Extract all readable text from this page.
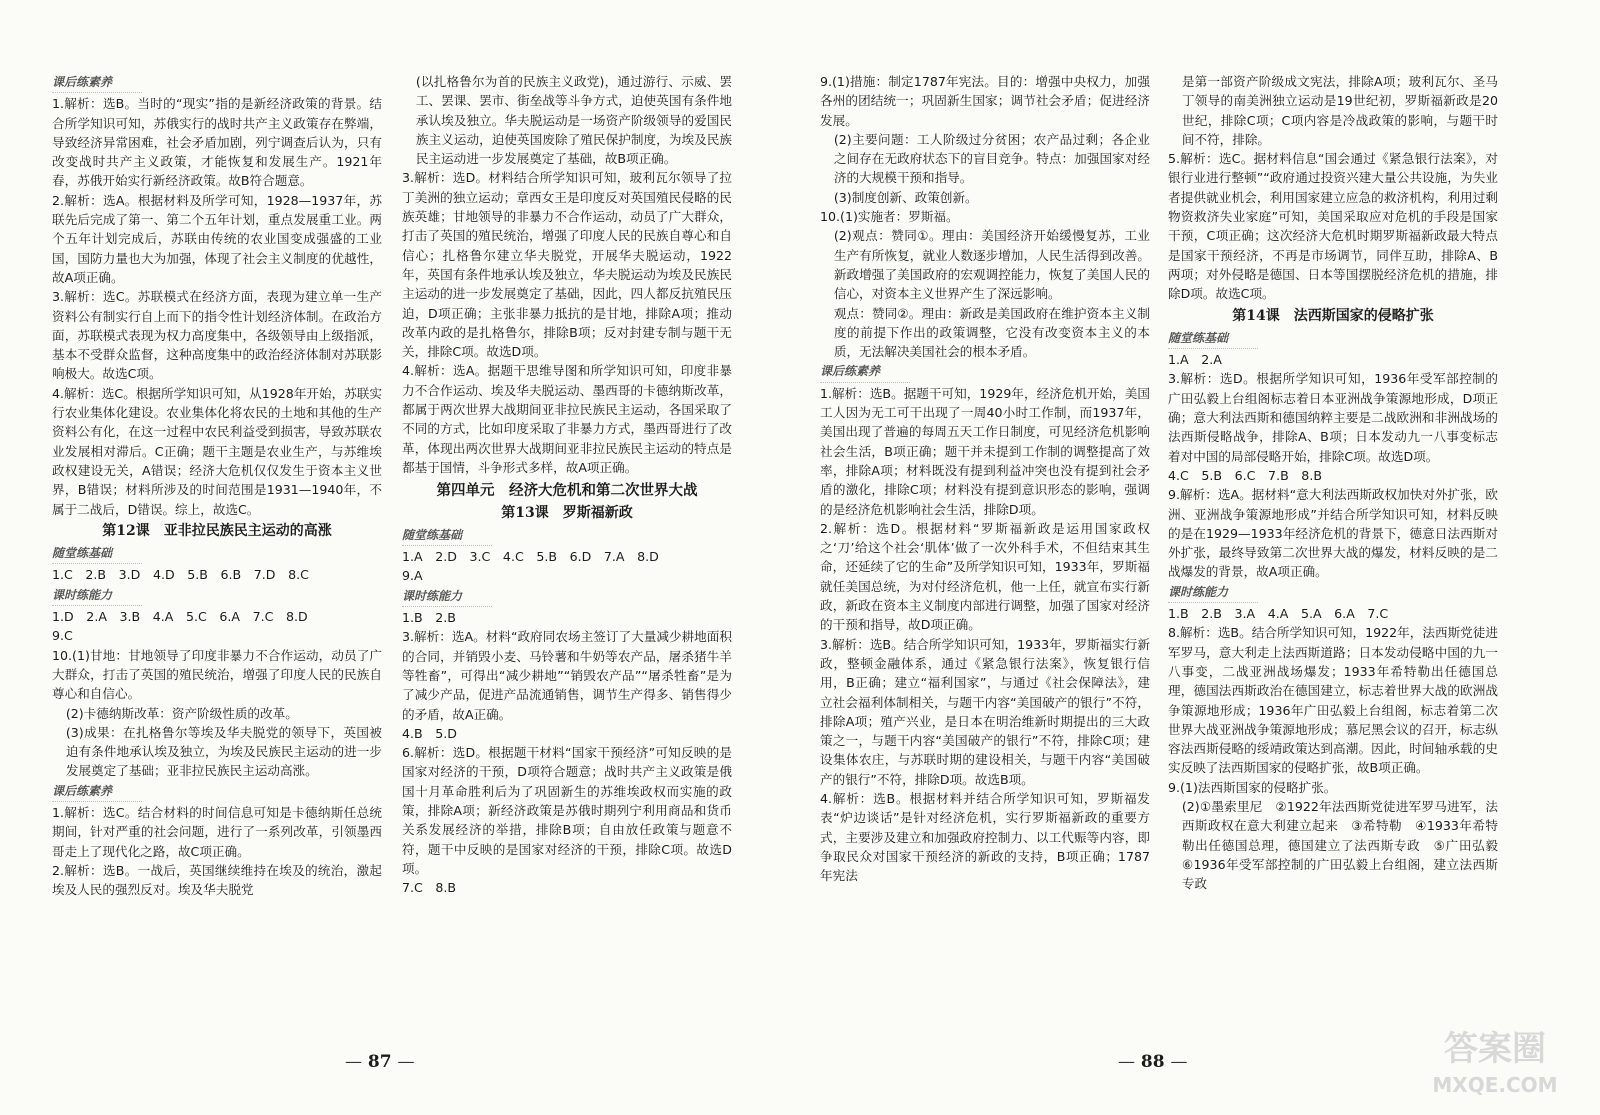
课后练素养

1.解析：选B。当时的“现实”指的是新经济政策的背景。结合所学知识可知，苏俄实行的战时共产主义政策存在弊端，导致经济异常困难，社会矛盾加剧，列宁调查后认为，只有改变战时共产主义政策，才能恢复和发展生产。1921年春，苏俄开始实行新经济政策。故B符合题意。

2.解析：选A。根据材料及所学可知，1928—1937年，苏联先后完成了第一、第二个五年计划，重点发展重工业。两个五年计划完成后，苏联由传统的农业国变成强盛的工业国，国防力量也大为加强，体现了社会主义制度的优越性，故A项正确。

3.解析：选C。苏联模式在经济方面，表现为建立单一生产资料公有制实行自上而下的指令性计划经济体制。在政治方面，苏联模式表现为权力高度集中，各级领导由上级指派，基本不受群众监督，这种高度集中的政治经济体制对苏联影响极大。故选C项。

4.解析：选C。根据所学知识可知，从1928年开始，苏联实行农业集体化建设。农业集体化将农民的土地和其他的生产资料公有化，在这一过程中农民利益受到损害，导致苏联农业发展相对滞后。C正确；题干主题是农业生产，与苏维埃政权建设无关，A错误；经济大危机仅仅发生于资本主义世界，B错误；材料所涉及的时间范围是1931—1940年，不属于二战后，D错误。综上，故选C。

第12课　亚非拉民族民主运动的高涨
随堂练基础

1.C　2.B　3.D　4.D　5.B　6.B　7.D　8.C

课时练能力

1.D　2.A　3.B　4.A　5.C　6.A　7.C　8.D

9.C

10.(1)甘地：甘地领导了印度非暴力不合作运动，动员了广大群众，打击了英国的殖民统治，增强了印度人民的民族自尊心和自信心。

(2)卡德纳斯改革：资产阶级性质的改革。

(3)成果：在扎格鲁尔等埃及华夫脱党的领导下，英国被迫有条件地承认埃及独立，为埃及民族民主运动的进一步发展奠定了基础；亚非拉民族民主运动高涨。

课后练素养

1.解析：选C。结合材料的时间信息可知是卡德纳斯任总统期间，针对严重的社会问题，进行了一系列改革，引领墨西哥走上了现代化之路，故C项正确。

2.解析：选B。一战后，英国继续维持在埃及的统治，激起埃及人民的强烈反对。埃及华夫脱党

(以扎格鲁尔为首的民族主义政党)，通过游行、示威、罢工、罢课、罢市、街垒战等斗争方式，迫使英国有条件地承认埃及独立。华夫脱运动是一场资产阶级领导的爱国民族主义运动，迫使英国废除了殖民保护制度，为埃及民族民主运动进一步发展奠定了基础，故B项正确。

3.解析：选D。材料结合所学知识可知，玻利瓦尔领导了拉丁美洲的独立运动；章西女王是印度反对英国殖民侵略的民族英雄；甘地领导的非暴力不合作运动，动员了广大群众，打击了英国的殖民统治，增强了印度人民的民族自尊心和自信心；扎格鲁尔建立华夫脱党，开展华夫脱运动，1922年，英国有条件地承认埃及独立，华夫脱运动为埃及民族民主运动的进一步发展奠定了基础，因此，四人都反抗殖民压迫，D项正确；主张非暴力抵抗的是甘地，排除A项；推动改革内政的是扎格鲁尔，排除B项；反对封建专制与题干无关，排除C项。故选D项。

4.解析：选A。据题干思维导图和所学知识可知，印度非暴力不合作运动、埃及华夫脱运动、墨西哥的卡德纳斯改革，都属于两次世界大战期间亚非拉民族民主运动，各国采取了不同的方式，比如印度采取了非暴力方式，墨西哥进行了改革，体现出两次世界大战期间亚非拉民族民主运动的特点是都基于国情，斗争形式多样，故A项正确。

第四单元　经济大危机和第二次世界大战
第13课　罗斯福新政
随堂练基础

1.A　2.D　3.C　4.C　5.B　6.D　7.A　8.D

9.A

课时练能力

1.B　2.B

3.解析：选A。材料“政府同农场主签订了大量减少耕地面积的合同，并销毁小麦、马铃薯和牛奶等农产品，屠杀猪牛羊等牲畜”，可得出“减少耕地”“销毁农产品”“屠杀牲畜”是为了减少产品，促进产品流通销售，调节生产得多、销售得少的矛盾，故A正确。

4.B　5.D

6.解析：选D。根据题干材料“国家干预经济”可知反映的是国家对经济的干预，D项符合题意；战时共产主义政策是俄国十月革命胜利后为了巩固新生的苏维埃政权而实施的政策，排除A项；新经济政策是苏俄时期列宁利用商品和货币关系发展经济的举措，排除B项；自由放任政策与题意不符，题干中反映的是国家对经济的干预，排除C项。故选D项。

7.C　8.B

— 87 —

9.(1)措施：制定1787年宪法。目的：增强中央权力，加强各州的团结统一；巩固新生国家；调节社会矛盾；促进经济发展。

(2)主要问题：工人阶级过分贫困；农产品过剩；各企业之间存在无政府状态下的盲目竞争。特点：加强国家对经济的大规模干预和指导。

(3)制度创新、政策创新。

10.(1)实施者：罗斯福。

(2)观点：赞同①。理由：美国经济开始缓慢复苏，工业生产有所恢复，就业人数逐步增加，人民生活得到改善。新政增强了美国政府的宏观调控能力，恢复了美国人民的信心，对资本主义世界产生了深远影响。

观点：赞同②。理由：新政是美国政府在维护资本主义制度的前提下作出的政策调整，它没有改变资本主义的本质，无法解决美国社会的根本矛盾。

课后练素养

1.解析：选B。据题干可知，1929年，经济危机开始，美国工人因为无工可干出现了一周40小时工作制，而1937年，美国出现了普遍的每周五天工作日制度，可见经济危机影响社会生活，B项正确；题干并未提到工作制的调整提高了效率，排除A项；材料既没有提到利益冲突也没有提到社会矛盾的激化，排除C项；材料没有提到意识形态的影响，强调的是经济危机影响社会生活，排除D项。

2.解析：选D。根据材料“罗斯福新政是运用国家政权之‘刀’给这个社会‘肌体’做了一次外科手术，不但结束其生命，还延续了它的生命”及所学知识可知，1933年，罗斯福就任美国总统，为对付经济危机，他一上任，就宣布实行新政，新政在资本主义制度内部进行调整，加强了国家对经济的干预和指导，故D项正确。

3.解析：选B。结合所学知识可知，1933年，罗斯福实行新政，整顿金融体系，通过《紧急银行法案》，恢复银行信用，B正确；建立“福利国家”，与通过《社会保障法》，建立社会福利体制相关，与题干内容“美国破产的银行”不符，排除A项；殖产兴业，是日本在明治维新时期提出的三大政策之一，与题干内容“美国破产的银行”不符，排除C项；建设集体农庄，与苏联时期的建设相关，与题干内容“美国破产的银行”不符，排除D项。故选B项。

4.解析：选B。根据材料并结合所学知识可知，罗斯福发表“炉边谈话”是针对经济危机，实行罗斯福新政的重要方式，主要涉及建立和加强政府控制力、以工代赈等内容，即争取民众对国家干预经济的新政的支持，B项正确；1787年宪法

是第一部资产阶级成文宪法，排除A项；玻利瓦尔、圣马丁领导的南美洲独立运动是19世纪初，罗斯福新政是20世纪，排除C项；C项内容是冷战政策的影响，与题干时间不符，排除。

5.解析：选C。据材料信息“国会通过《紧急银行法案》，对银行业进行整顿”“政府通过投资兴建大量公共设施，为失业者提供就业机会，利用国家建立应急的救济机构，利用过剩物资救济失业家庭”可知，美国采取应对危机的手段是国家干预，C项正确；这次经济大危机时期罗斯福新政最大特点是国家干预经济，不再是市场调节，同伴互助，排除A、B两项；对外侵略是德国、日本等国摆脱经济危机的措施，排除D项。故选C项。

第14课　法西斯国家的侵略扩张
随堂练基础

1.A　2.A

3.解析：选D。根据所学知识可知，1936年受军部控制的广田弘毅上台组阁标志着日本亚洲战争策源地形成，D项正确；意大利法西斯和德国纳粹主要是二战欧洲和非洲战场的法西斯侵略战争，排除A、B项；日本发动九一八事变标志着对中国的局部侵略开始，排除C项。故选D项。

4.C　5.B　6.C　7.B　8.B

9.解析：选A。据材料“意大利法西斯政权加快对外扩张，欧洲、亚洲战争策源地形成”并结合所学知识可知，材料反映的是在1929—1933年经济危机的背景下，德意日法西斯对外扩张，最终导致第二次世界大战的爆发，材料反映的是二战爆发的背景，故A项正确。

课时练能力

1.B　2.B　3.A　4.A　5.A　6.A　7.C

8.解析：选B。结合所学知识可知，1922年，法西斯党徒进军罗马，意大利走上法西斯道路；日本发动侵略中国的九一八事变，二战亚洲战场爆发；1933年希特勒出任德国总理，德国法西斯政治在德国建立，标志着世界大战的欧洲战争策源地形成；1936年广田弘毅上台组阁，标志着第二次世界大战亚洲战争策源地形成；慕尼黑会议的召开，标志纵容法西斯侵略的绥靖政策达到高潮。因此，时间轴承载的史实反映了法西斯国家的侵略扩张，故B项正确。

9.(1)法西斯国家的侵略扩张。

(2)①墨索里尼　②1922年法西斯党徒进军罗马进军，法西斯政权在意大利建立起来　③希特勒　④1933年希特勒出任德国总理，德国建立了法西斯专政　⑤广田弘毅　⑥1936年受军部控制的广田弘毅上台组阁，建立法西斯专政

— 88 —	答案圈
MXQE.COM
